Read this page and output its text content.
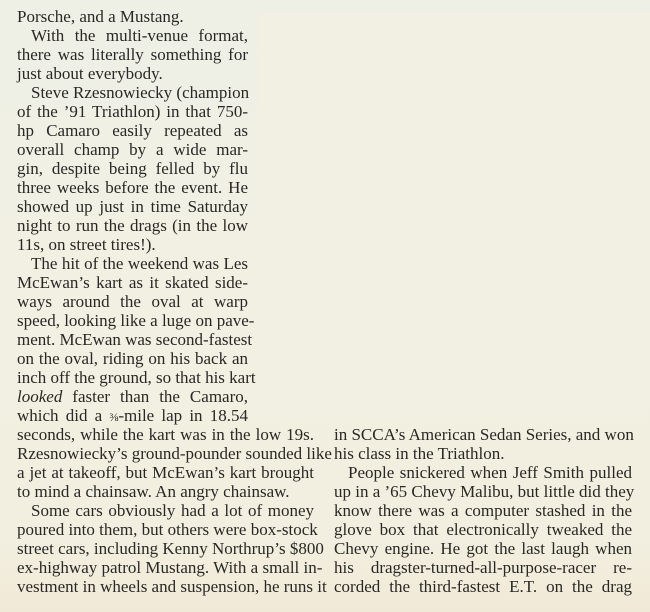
Porsche, and a Mustang.
With the multi-venue format,
there was literally something for
just about everybody.
Steve Rzesnowiecky (champion
of the ’91 Triathlon) in that 750-
hp Camaro easily repeated as
overall champ by a wide mar-
gin, despite being felled by flu
three weeks before the event. He
showed up just in time Saturday
night to run the drags (in the low
11s, on street tires!).
The hit of the weekend was Les
McEwan’s kart as it skated side-
ways around the oval at warp
speed, looking like a luge on pave-
ment. McEwan was second-fastest
on the oval, riding on his back an
inch off the ground, so that his kart
looked faster than the Camaro,
which did a ⅜-mile lap in 18.54
seconds, while the kart was in the low 19s.
Rzesnowiecky’s ground-pounder sounded like
a jet at takeoff, but McEwan’s kart brought
to mind a chainsaw. An angry chainsaw.
Some cars obviously had a lot of money
poured into them, but others were box-stock
street cars, including Kenny Northrup’s $800
ex-highway patrol Mustang. With a small in-
vestment in wheels and suspension, he runs it
in SCCA’s American Sedan Series, and won
his class in the Triathlon.
People snickered when Jeff Smith pulled
up in a ’65 Chevy Malibu, but little did they
know there was a computer stashed in the
glove box that electronically tweaked the
Chevy engine. He got the last laugh when
his dragster-turned-all-purpose-racer re-
corded the third-fastest E.T. on the drag
